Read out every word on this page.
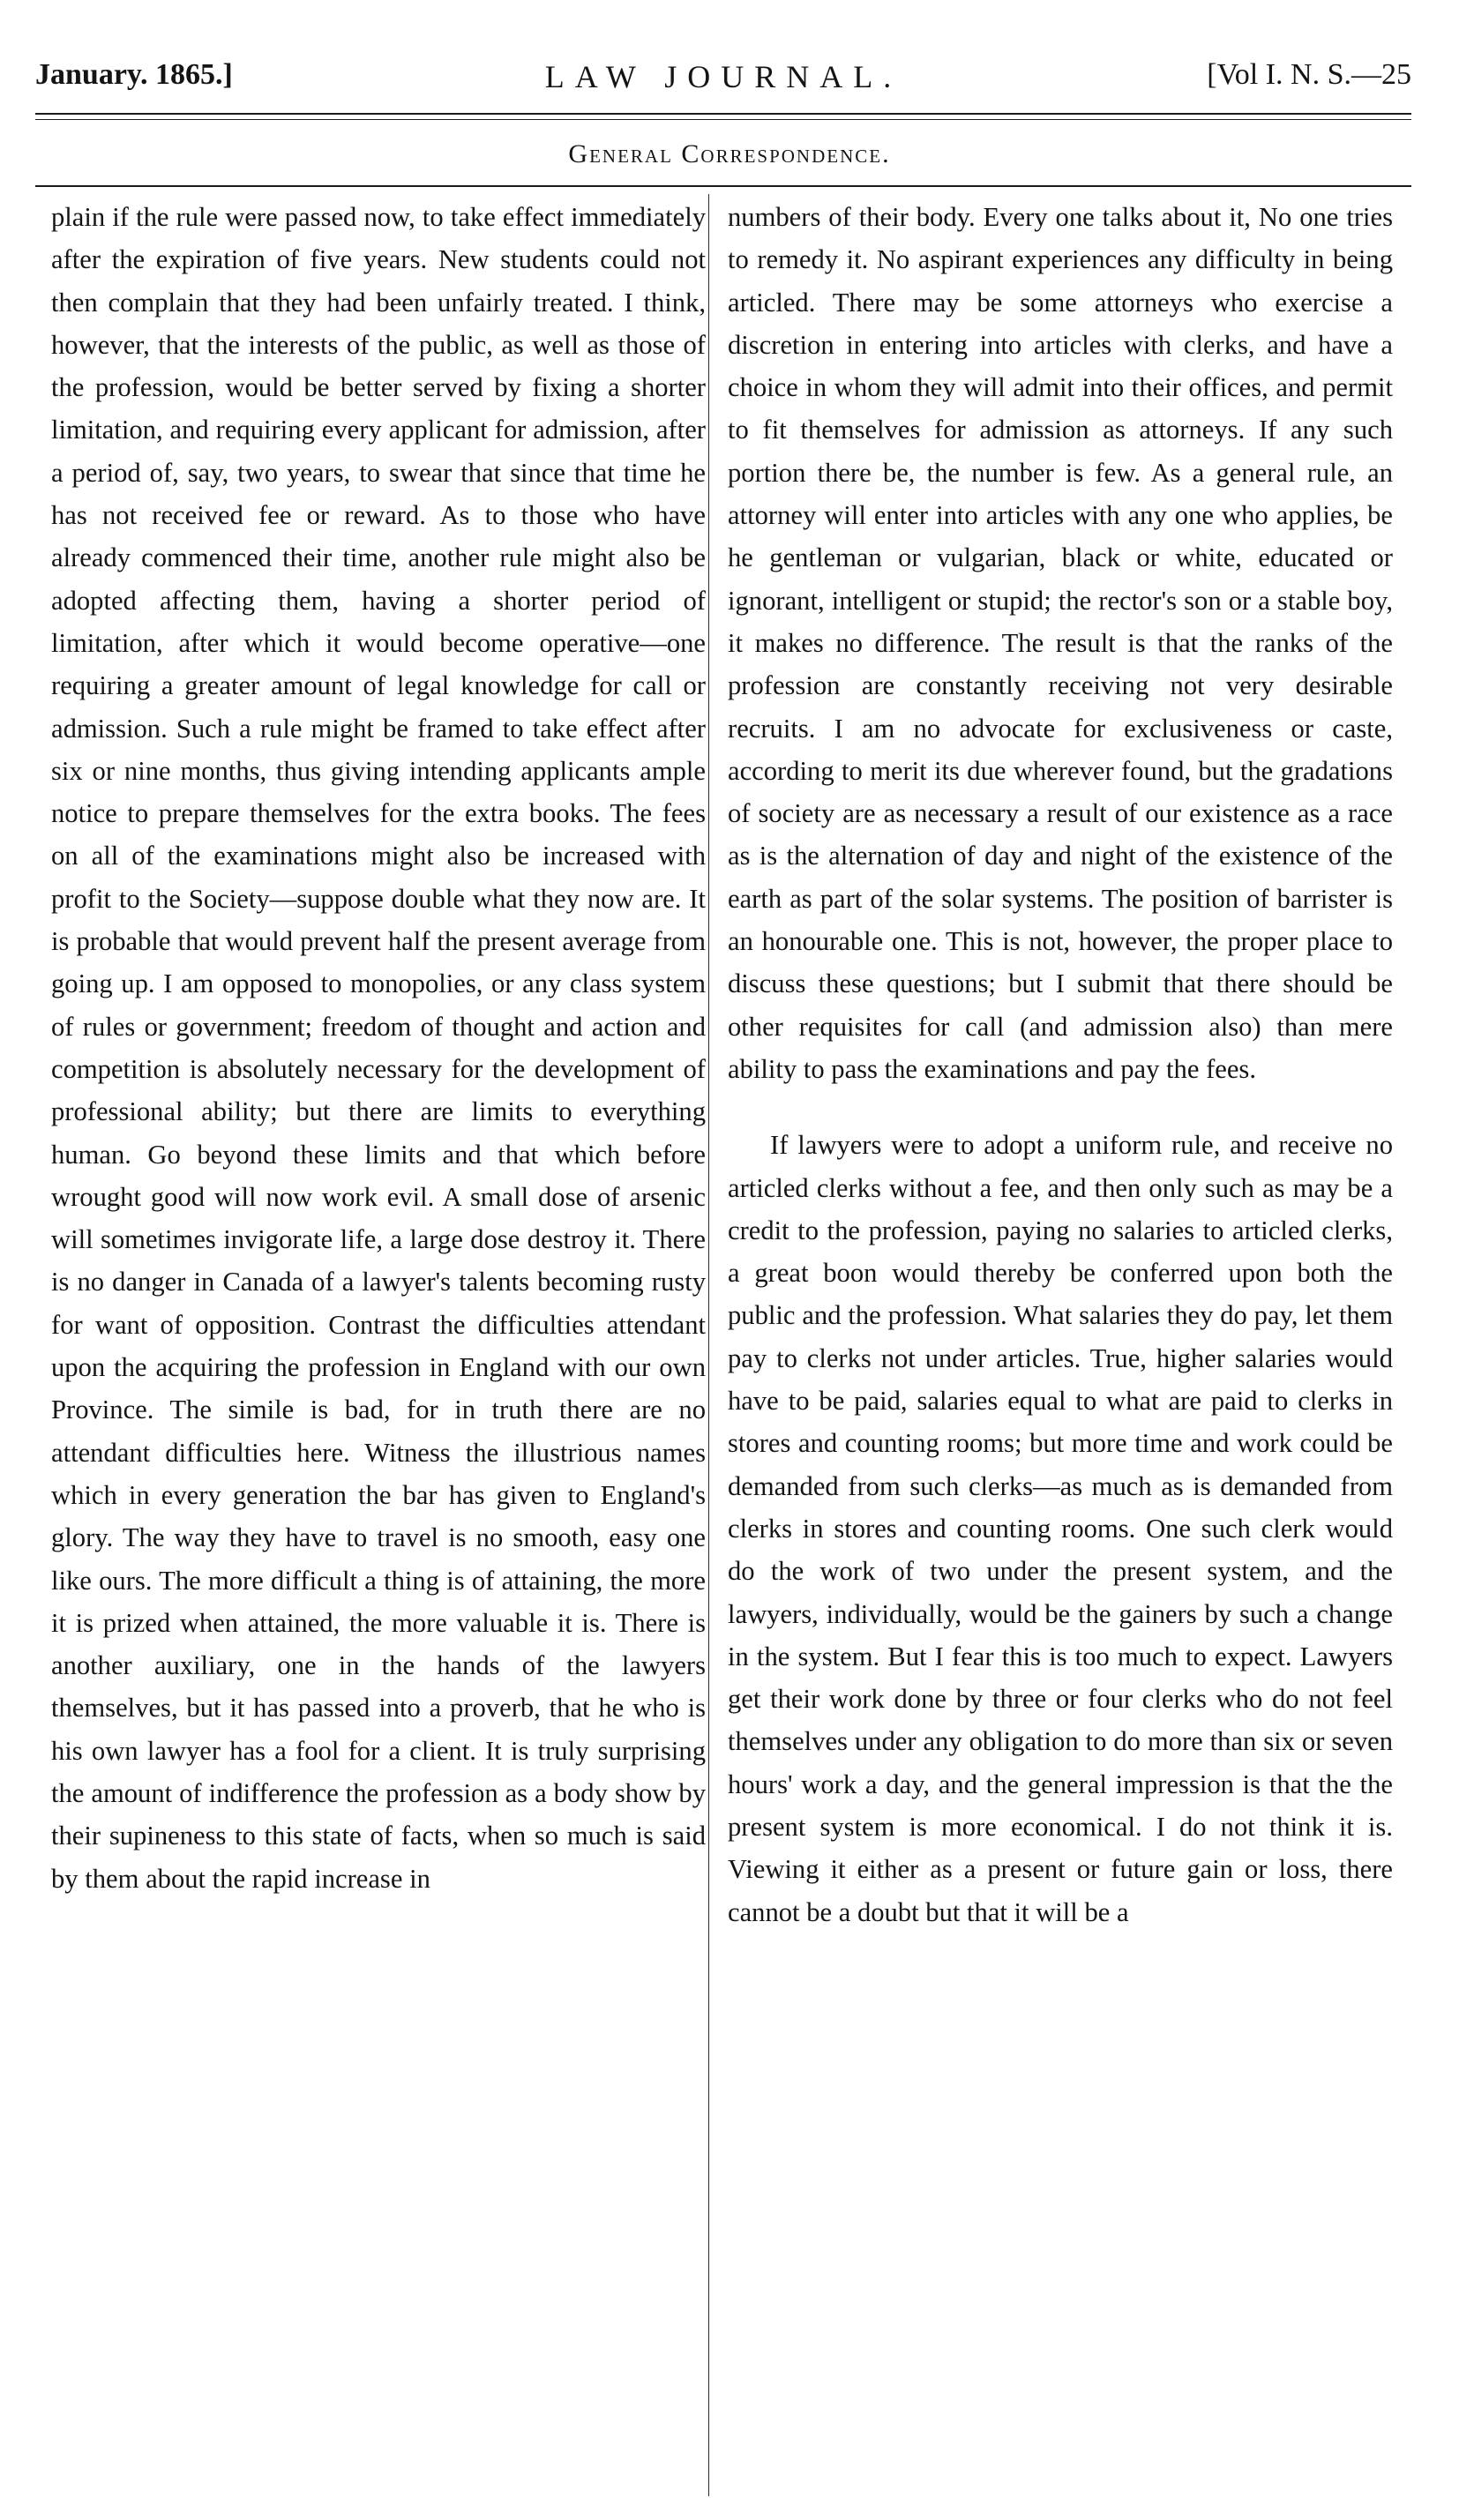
January. 1865.]	LAW JOURNAL.	[Vol I. N. S.—25
General Correspondence.

plain if the rule were passed now, to take effect immediately after the expiration of five years. New students could not then complain that they had been unfairly treated. I think, however, that the interests of the public, as well as those of the profession, would be better served by fixing a shorter limitation, and requiring every applicant for admission, after a period of, say, two years, to swear that since that time he has not received fee or reward. As to those who have already commenced their time, another rule might also be adopted affecting them, having a shorter period of limitation, after which it would become operative—one requiring a greater amount of legal knowledge for call or admission. Such a rule might be framed to take effect after six or nine months, thus giving intending applicants ample notice to prepare themselves for the extra books. The fees on all of the examinations might also be increased with profit to the Society—suppose double what they now are. It is probable that would prevent half the present average from going up. I am opposed to monopolies, or any class system of rules or government; freedom of thought and action and competition is absolutely necessary for the development of professional ability; but there are limits to everything human. Go beyond these limits and that which before wrought good will now work evil. A small dose of arsenic will sometimes invigorate life, a large dose destroy it. There is no danger in Canada of a lawyer's talents becoming rusty for want of opposition. Contrast the difficulties attendant upon the acquiring the profession in England with our own Province. The simile is bad, for in truth there are no attendant difficulties here. Witness the illustrious names which in every generation the bar has given to England's glory. The way they have to travel is no smooth, easy one like ours. The more difficult a thing is of attaining, the more it is prized when attained, the more valuable it is. There is another auxiliary, one in the hands of the lawyers themselves, but it has passed into a proverb, that he who is his own lawyer has a fool for a client. It is truly surprising the amount of indifference the profession as a body show by their supineness to this state of facts, when so much is said by them about the rapid increase in

numbers of their body. Every one talks about it, No one tries to remedy it. No aspirant experiences any difficulty in being articled. There may be some attorneys who exercise a discretion in entering into articles with clerks, and have a choice in whom they will admit into their offices, and permit to fit themselves for admission as attorneys. If any such portion there be, the number is few. As a general rule, an attorney will enter into articles with any one who applies, be he gentleman or vulgarian, black or white, educated or ignorant, intelligent or stupid; the rector's son or a stable boy, it makes no difference. The result is that the ranks of the profession are constantly receiving not very desirable recruits. I am no advocate for exclusiveness or caste, according to merit its due wherever found, but the gradations of society are as necessary a result of our existence as a race as is the alternation of day and night of the existence of the earth as part of the solar systems. The position of barrister is an honourable one. This is not, however, the proper place to discuss these questions; but I submit that there should be other requisites for call (and admission also) than mere ability to pass the examinations and pay the fees.

If lawyers were to adopt a uniform rule, and receive no articled clerks without a fee, and then only such as may be a credit to the profession, paying no salaries to articled clerks, a great boon would thereby be conferred upon both the public and the profession. What salaries they do pay, let them pay to clerks not under articles. True, higher salaries would have to be paid, salaries equal to what are paid to clerks in stores and counting rooms; but more time and work could be demanded from such clerks—as much as is demanded from clerks in stores and counting rooms. One such clerk would do the work of two under the present system, and the lawyers, individually, would be the gainers by such a change in the system. But I fear this is too much to expect. Lawyers get their work done by three or four clerks who do not feel themselves under any obligation to do more than six or seven hours' work a day, and the general impression is that the the present system is more economical. I do not think it is. Viewing it either as a present or future gain or loss, there cannot be a doubt but that it will be a
